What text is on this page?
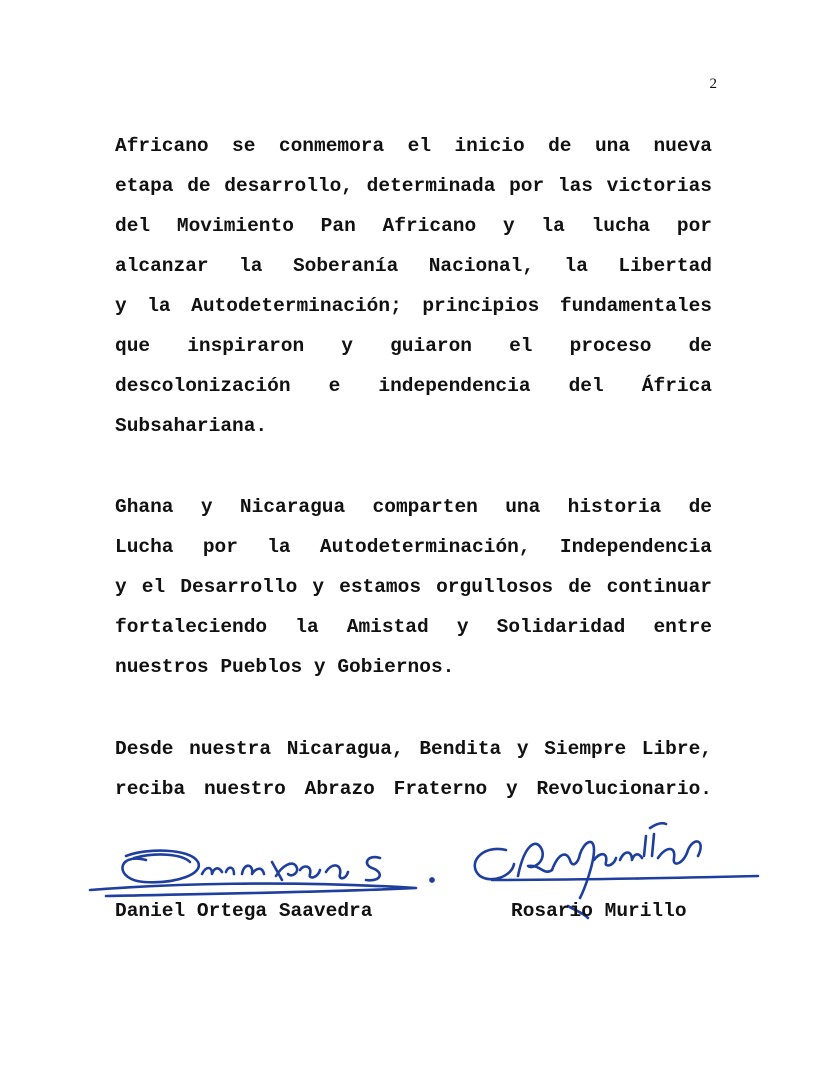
2
Africano se conmemora el inicio de una nueva
etapa de desarrollo, determinada por las victorias
del Movimiento Pan Africano y la lucha por
alcanzar la Soberanía Nacional, la Libertad
y la Autodeterminación; principios fundamentales
que inspiraron y guiaron el proceso de
descolonización e independencia del África
Subsahariana.
Ghana y Nicaragua comparten una historia de
Lucha por la Autodeterminación, Independencia
y el Desarrollo y estamos orgullosos de continuar
fortaleciendo la Amistad y Solidaridad entre
nuestros Pueblos y Gobiernos.
Desde nuestra Nicaragua, Bendita y Siempre Libre,
reciba nuestro Abrazo Fraterno y Revolucionario.
Daniel Ortega Saavedra	Rosario Murillo
